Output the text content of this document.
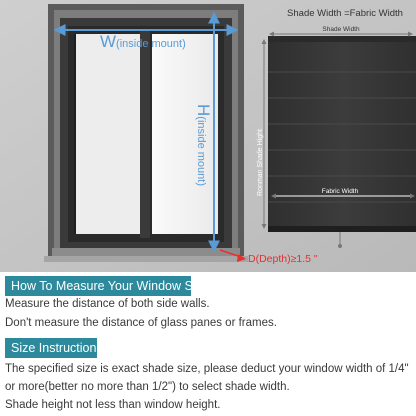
W(inside mount)
H(inside mount)
D(Depth)≥1.5 "
Shade Width =Fabric Width
Shade Width
Ronman Shade Hight	Fabric Width
How To Measure Your Window Size:
Measure the distance of both side walls.
Don't measure the distance of glass panes or frames.
Size Instructions:
The specified size is exact shade size, please deduct your window width of 1/4"
or more(better no more than 1/2") to select shade width.
Shade height not less than window height.
